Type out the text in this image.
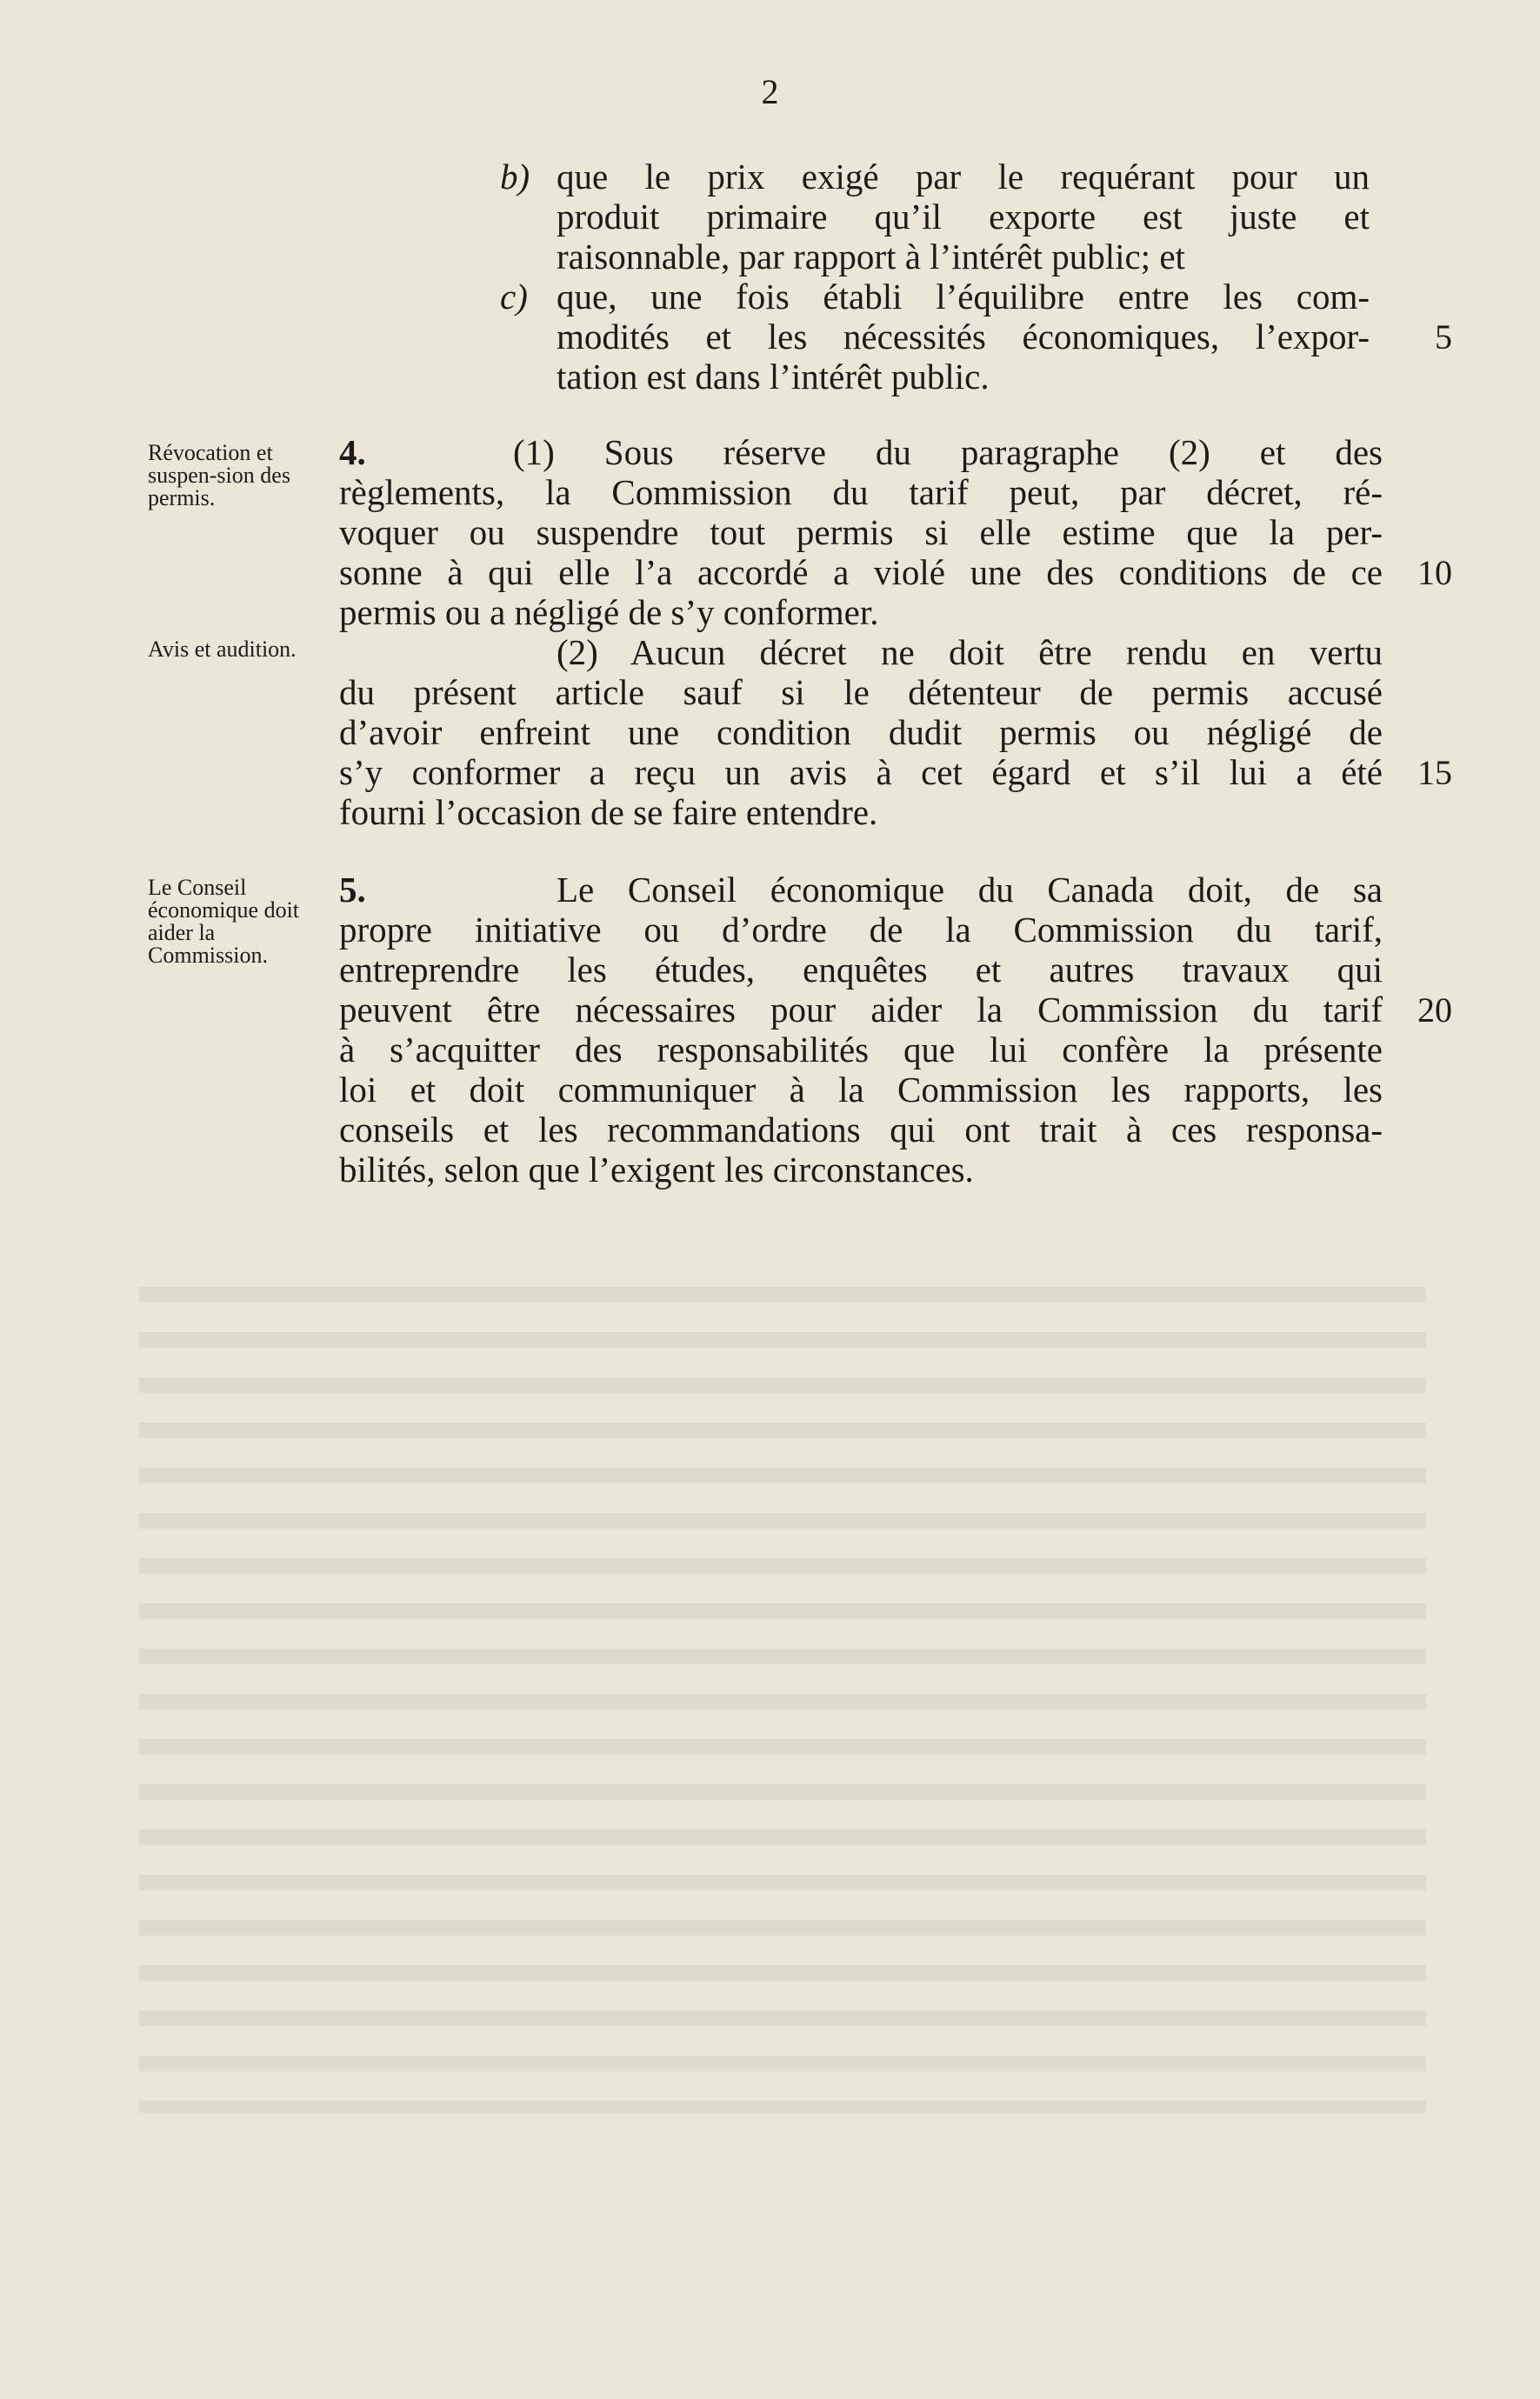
2
b) que le prix exigé par le requérant pour un
produit primaire qu’il exporte est juste et
raisonnable, par rapport à l’intérêt public; et
c) que, une fois établi l’équilibre entre les com-
modités et les nécessités économiques, l’expor-
tation est dans l’intérêt public.
Révocation et suspen-sion des permis.
Avis et audition.
4.	(1) Sous réserve du paragraphe (2) et des
règlements, la Commission du tarif peut, par décret, ré-
voquer ou suspendre tout permis si elle estime que la per-
sonne à qui elle l’a accordé a violé une des conditions de ce
permis ou a négligé de s’y conformer.
(2) Aucun décret ne doit être rendu en vertu
du présent article sauf si le détenteur de permis accusé
d’avoir enfreint une condition dudit permis ou négligé de
s’y conformer a reçu un avis à cet égard et s’il lui a été
fourni l’occasion de se faire entendre.
Le Conseil économique doit aider la Commission.
5.	Le Conseil économique du Canada doit, de sa
propre initiative ou d’ordre de la Commission du tarif,
entreprendre les études, enquêtes et autres travaux qui
peuvent être nécessaires pour aider la Commission du tarif
à s’acquitter des responsabilités que lui confère la présente
loi et doit communiquer à la Commission les rapports, les
conseils et les recommandations qui ont trait à ces responsa-
bilités, selon que l’exigent les circonstances.
5
10
15
20
